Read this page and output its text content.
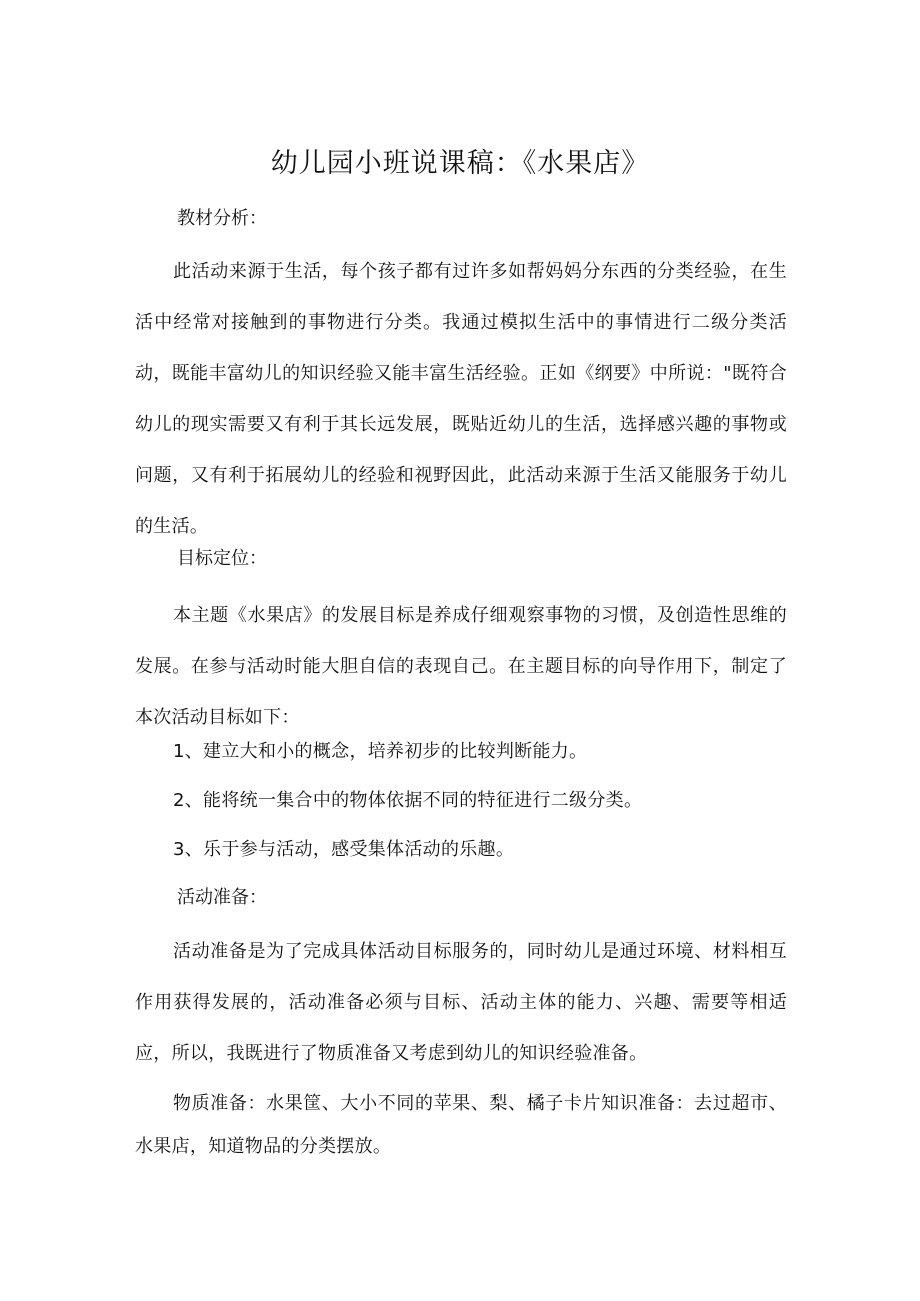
幼儿园小班说课稿：《水果店》
教材分析：
此活动来源于生活，每个孩子都有过许多如帮妈妈分东西的分类经验，在生活中经常对接触到的事物进行分类。我通过模拟生活中的事情进行二级分类活动，既能丰富幼儿的知识经验又能丰富生活经验。正如《纲要》中所说："既符合幼儿的现实需要又有利于其长远发展，既贴近幼儿的生活，选择感兴趣的事物或问题，又有利于拓展幼儿的经验和视野因此，此活动来源于生活又能服务于幼儿的生活。
目标定位：
本主题《水果店》的发展目标是养成仔细观察事物的习惯，及创造性思维的发展。在参与活动时能大胆自信的表现自己。在主题目标的向导作用下，制定了本次活动目标如下：
1、建立大和小的概念，培养初步的比较判断能力。
2、能将统一集合中的物体依据不同的特征进行二级分类。
3、乐于参与活动，感受集体活动的乐趣。
活动准备：
活动准备是为了完成具体活动目标服务的，同时幼儿是通过环境、材料相互作用获得发展的，活动准备必须与目标、活动主体的能力、兴趣、需要等相适应，所以，我既进行了物质准备又考虑到幼儿的知识经验准备。
物质准备：水果筐、大小不同的苹果、梨、橘子卡片知识准备：去过超市、水果店，知道物品的分类摆放。
